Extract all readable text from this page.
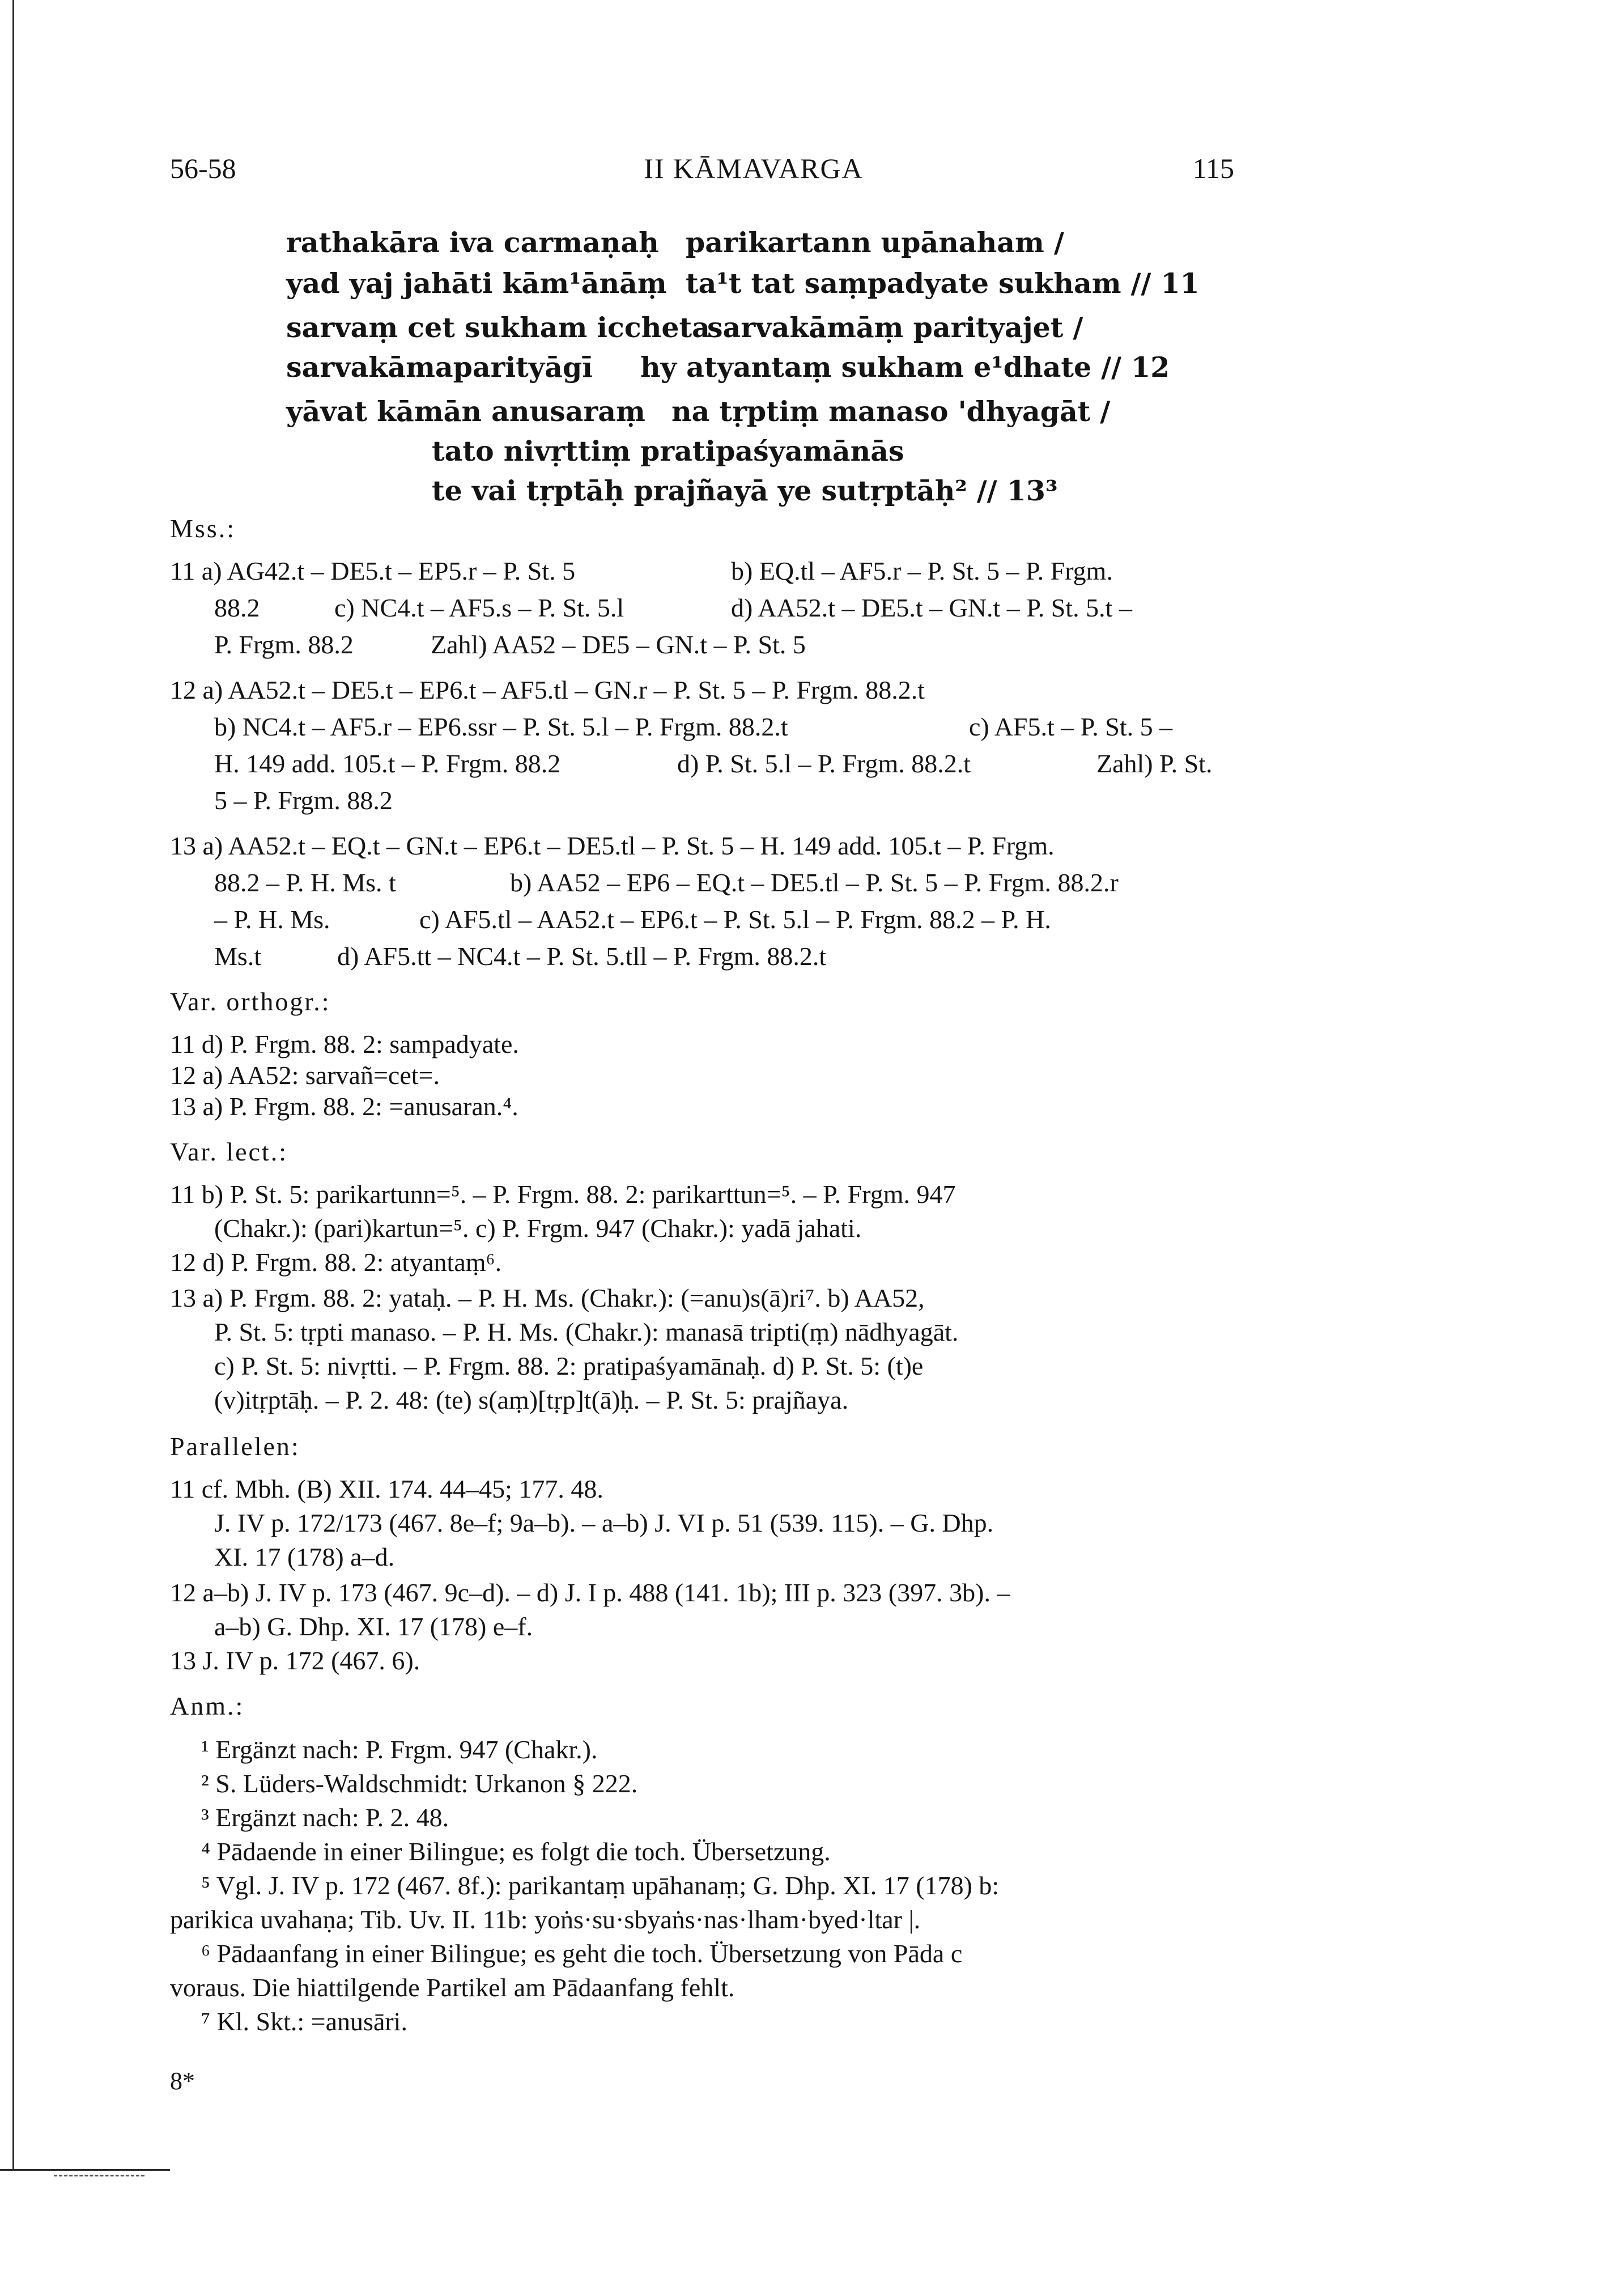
56-58	II KĀMAVARGA	115
rathakāra iva carmaṇaḥ parikartann upānaham /
yad yaj jahāti kām¹ānāṃ ta¹t tat saṃpadyate sukham // 11
sarvaṃ cet sukham iccheta
sarvakāmāṃ parityajet /
sarvakāmaparityāgī hy atyantaṃ sukham e¹dhate // 12
yāvat kāmān anusaraṃ na tṛptiṃ manaso 'dhyagāt /
tato nivṛttiṃ pratipaśyamānās
te vai tṛptāḥ prajñayā ye sutṛptāḥ² // 13³
Mss.:
11 a) AG42.t – DE5.t – EP5.r – P. St. 5	b) EQ.tl – AF5.r – P. St. 5 – P. Frgm.
88.2	c) NC4.t – AF5.s – P. St. 5.l	d) AA52.t – DE5.t – GN.t – P. St. 5.t –
P. Frgm. 88.2	Zahl) AA52 – DE5 – GN.t – P. St. 5
12 a) AA52.t – DE5.t – EP6.t – AF5.tl – GN.r – P. St. 5 – P. Frgm. 88.2.t
b) NC4.t – AF5.r – EP6.ssr – P. St. 5.l – P. Frgm. 88.2.t	c) AF5.t – P. St. 5 –
H. 149 add. 105.t – P. Frgm. 88.2	d) P. St. 5.l – P. Frgm. 88.2.t	Zahl) P. St.
5 – P. Frgm. 88.2
13 a) AA52.t – EQ.t – GN.t – EP6.t – DE5.tl – P. St. 5 – H. 149 add. 105.t – P. Frgm.
88.2 – P. H. Ms. t	b) AA52 – EP6 – EQ.t – DE5.tl – P. St. 5 – P. Frgm. 88.2.r
– P. H. Ms.	c) AF5.tl – AA52.t – EP6.t – P. St. 5.l – P. Frgm. 88.2 – P. H.
Ms.t	d) AF5.tt – NC4.t – P. St. 5.tll – P. Frgm. 88.2.t
Var. orthogr.:
11 d) P. Frgm. 88. 2: sampadyate.
12 a) AA52: sarvañ=cet=.
13 a) P. Frgm. 88. 2: =anusaran.⁴.
Var. lect.:
11 b) P. St. 5: parikartunn=⁵. – P. Frgm. 88. 2: parikarttun=⁵. – P. Frgm. 947
(Chakr.): (pari)kartun=⁵. c) P. Frgm. 947 (Chakr.): yadā jahati.
12 d) P. Frgm. 88. 2: atyantaṃ⁶.
13 a) P. Frgm. 88. 2: yataḥ. – P. H. Ms. (Chakr.): (=anu)s(ā)ri⁷. b) AA52,
P. St. 5: tṛpti manaso. – P. H. Ms. (Chakr.): manasā tripti(ṃ) nādhyagāt.
c) P. St. 5: nivṛtti. – P. Frgm. 88. 2: pratipaśyamānaḥ. d) P. St. 5: (t)e
(v)itṛptāḥ. – P. 2. 48: (te) s(aṃ)[tṛp]t(ā)ḥ. – P. St. 5: prajñaya.
Parallelen:
11 cf. Mbh. (B) XII. 174. 44–45; 177. 48.
J. IV p. 172/173 (467. 8e–f; 9a–b). – a–b) J. VI p. 51 (539. 115). – G. Dhp.
XI. 17 (178) a–d.
12 a–b) J. IV p. 173 (467. 9c–d). – d) J. I p. 488 (141. 1b); III p. 323 (397. 3b). –
a–b) G. Dhp. XI. 17 (178) e–f.
13 J. IV p. 172 (467. 6).
Anm.:
¹ Ergänzt nach: P. Frgm. 947 (Chakr.).
² S. Lüders-Waldschmidt: Urkanon § 222.
³ Ergänzt nach: P. 2. 48.
⁴ Pādaende in einer Bilingue; es folgt die toch. Übersetzung.
⁵ Vgl. J. IV p. 172 (467. 8f.): parikantaṃ upāhanaṃ; G. Dhp. XI. 17 (178) b:
parikica uvahaṇa; Tib. Uv. II. 11b: yoṅs·su·sbyaṅs·nas·lham·byed·ltar |.
⁶ Pādaanfang in einer Bilingue; es geht die toch. Übersetzung von Pāda c
voraus. Die hiattilgende Partikel am Pādaanfang fehlt.
⁷ Kl. Skt.: =anusāri.
8*
